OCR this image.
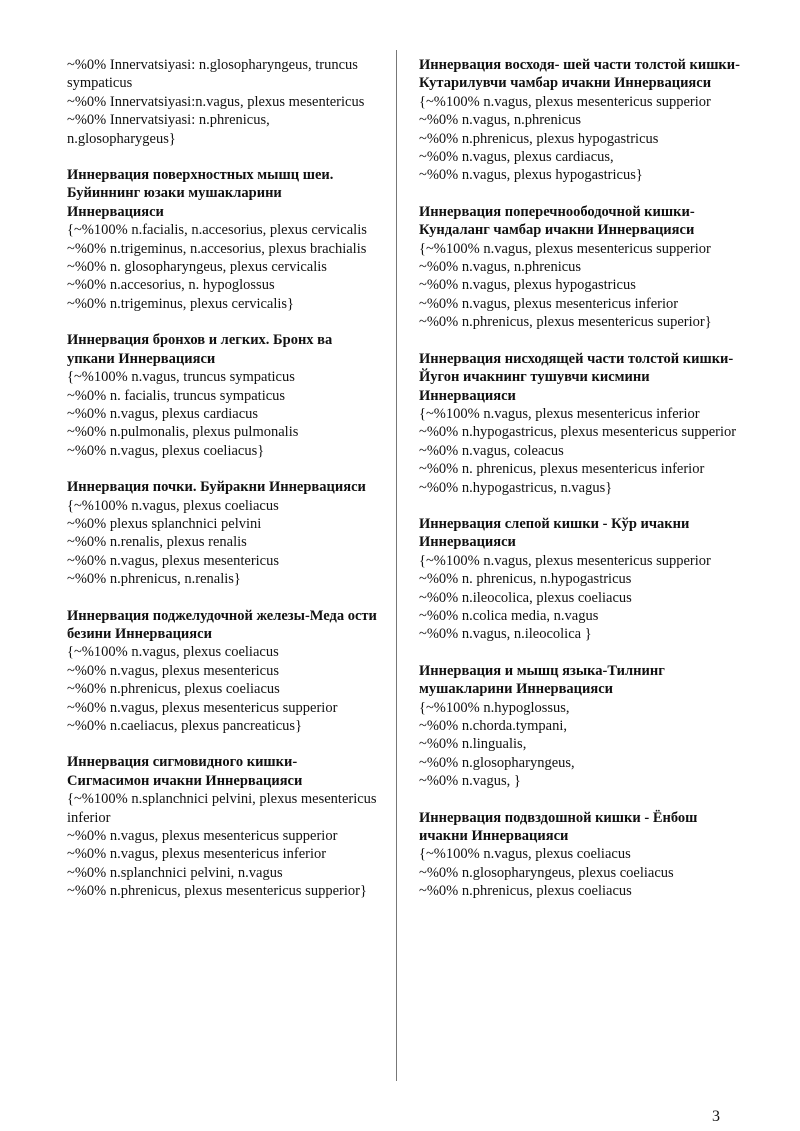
~%0% Innervatsiyasi: n.glosopharyngeus, truncus sympaticus
~%0% Innervatsiyasi:n.vagus, plexus mesentericus
~%0% Innervatsiyasi: n.phrenicus, n.glosopharygeus}
Иннервация поверхностных мышц шеи. Буйиннинг юзаки мушакларини Иннервацияси
{~%100% n.facialis, n.accesorius, plexus cervicalis
~%0% n.trigeminus, n.accesorius, plexus brachialis
~%0% n. glosopharyngeus, plexus cervicalis
~%0% n.accesorius, n. hypoglossus
~%0% n.trigeminus, plexus cervicalis}
Иннервация бронхов и легких. Бронх ва упкани Иннервацияси
{~%100% n.vagus, truncus sympaticus
~%0% n. facialis, truncus sympaticus
~%0% n.vagus, plexus cardiacus
~%0% n.pulmonalis, plexus pulmonalis
~%0% n.vagus, plexus coeliacus}
Иннервация почки. Буйракни Иннервацияси
{~%100% n.vagus, plexus coeliacus
~%0% plexus splanchnici pelvini
~%0% n.renalis, plexus renalis
~%0% n.vagus, plexus mesentericus
~%0% n.phrenicus, n.renalis}
Иннервация поджелудочной железы-Меда ости безини Иннервацияси
{~%100% n.vagus, plexus coeliacus
~%0% n.vagus, plexus mesentericus
~%0% n.phrenicus, plexus coeliacus
~%0% n.vagus, plexus mesentericus supperior
~%0% n.caeliacus, plexus pancreaticus}
Иннервация сигмовидного кишки-Сигмасимон ичакни Иннервацияси
{~%100% n.splanchnici pelvini, plexus mesentericus inferior
~%0% n.vagus, plexus mesentericus supperior
~%0% n.vagus, plexus mesentericus inferior
~%0% n.splanchnici pelvini, n.vagus
~%0% n.phrenicus, plexus mesentericus supperior}
Иннервация восходя- шей части толстой кишки-Кутарилувчи чамбар ичакни Иннервацияси
{~%100% n.vagus, plexus mesentericus supperior
~%0% n.vagus, n.phrenicus
~%0% n.phrenicus, plexus hypogastricus
~%0% n.vagus, plexus cardiacus,
~%0% n.vagus, plexus hypogastricus}
Иннервация поперечноободочной кишки-Кундаланг чамбар ичакни Иннервацияси
{~%100% n.vagus, plexus mesentericus supperior
~%0% n.vagus, n.phrenicus
~%0% n.vagus, plexus hypogastricus
~%0% n.vagus, plexus mesentericus inferior
~%0% n.phrenicus, plexus mesentericus superior}
Иннервация нисходящей части толстой кишки-Йугон ичакнинг тушувчи кисмини Иннервацияси
{~%100% n.vagus, plexus mesentericus inferior
~%0% n.hypogastricus, plexus mesentericus supperior
~%0% n.vagus, coleacus
~%0% n. phrenicus, plexus mesentericus inferior
~%0% n.hypogastricus, n.vagus}
Иннервация слепой кишки - Кўр ичакни Иннервацияси
{~%100% n.vagus, plexus mesentericus supperior
~%0% n. phrenicus, n.hypogastricus
~%0% n.ileocolica, plexus coeliacus
~%0% n.colica media, n.vagus
~%0% n.vagus, n.ileocolica }
Иннервация и мышц языка-Тилнинг мушакларини Иннервацияси
{~%100% n.hypoglossus,
~%0% n.chorda.tympani,
~%0% n.lingualis,
~%0% n.glosopharyngeus,
~%0% n.vagus, }
Иннервация подвздошной кишки - Ёнбош ичакни Иннервацияси
{~%100% n.vagus, plexus coeliacus
~%0% n.glosopharyngeus, plexus coeliacus
~%0% n.phrenicus, plexus coeliacus
3
